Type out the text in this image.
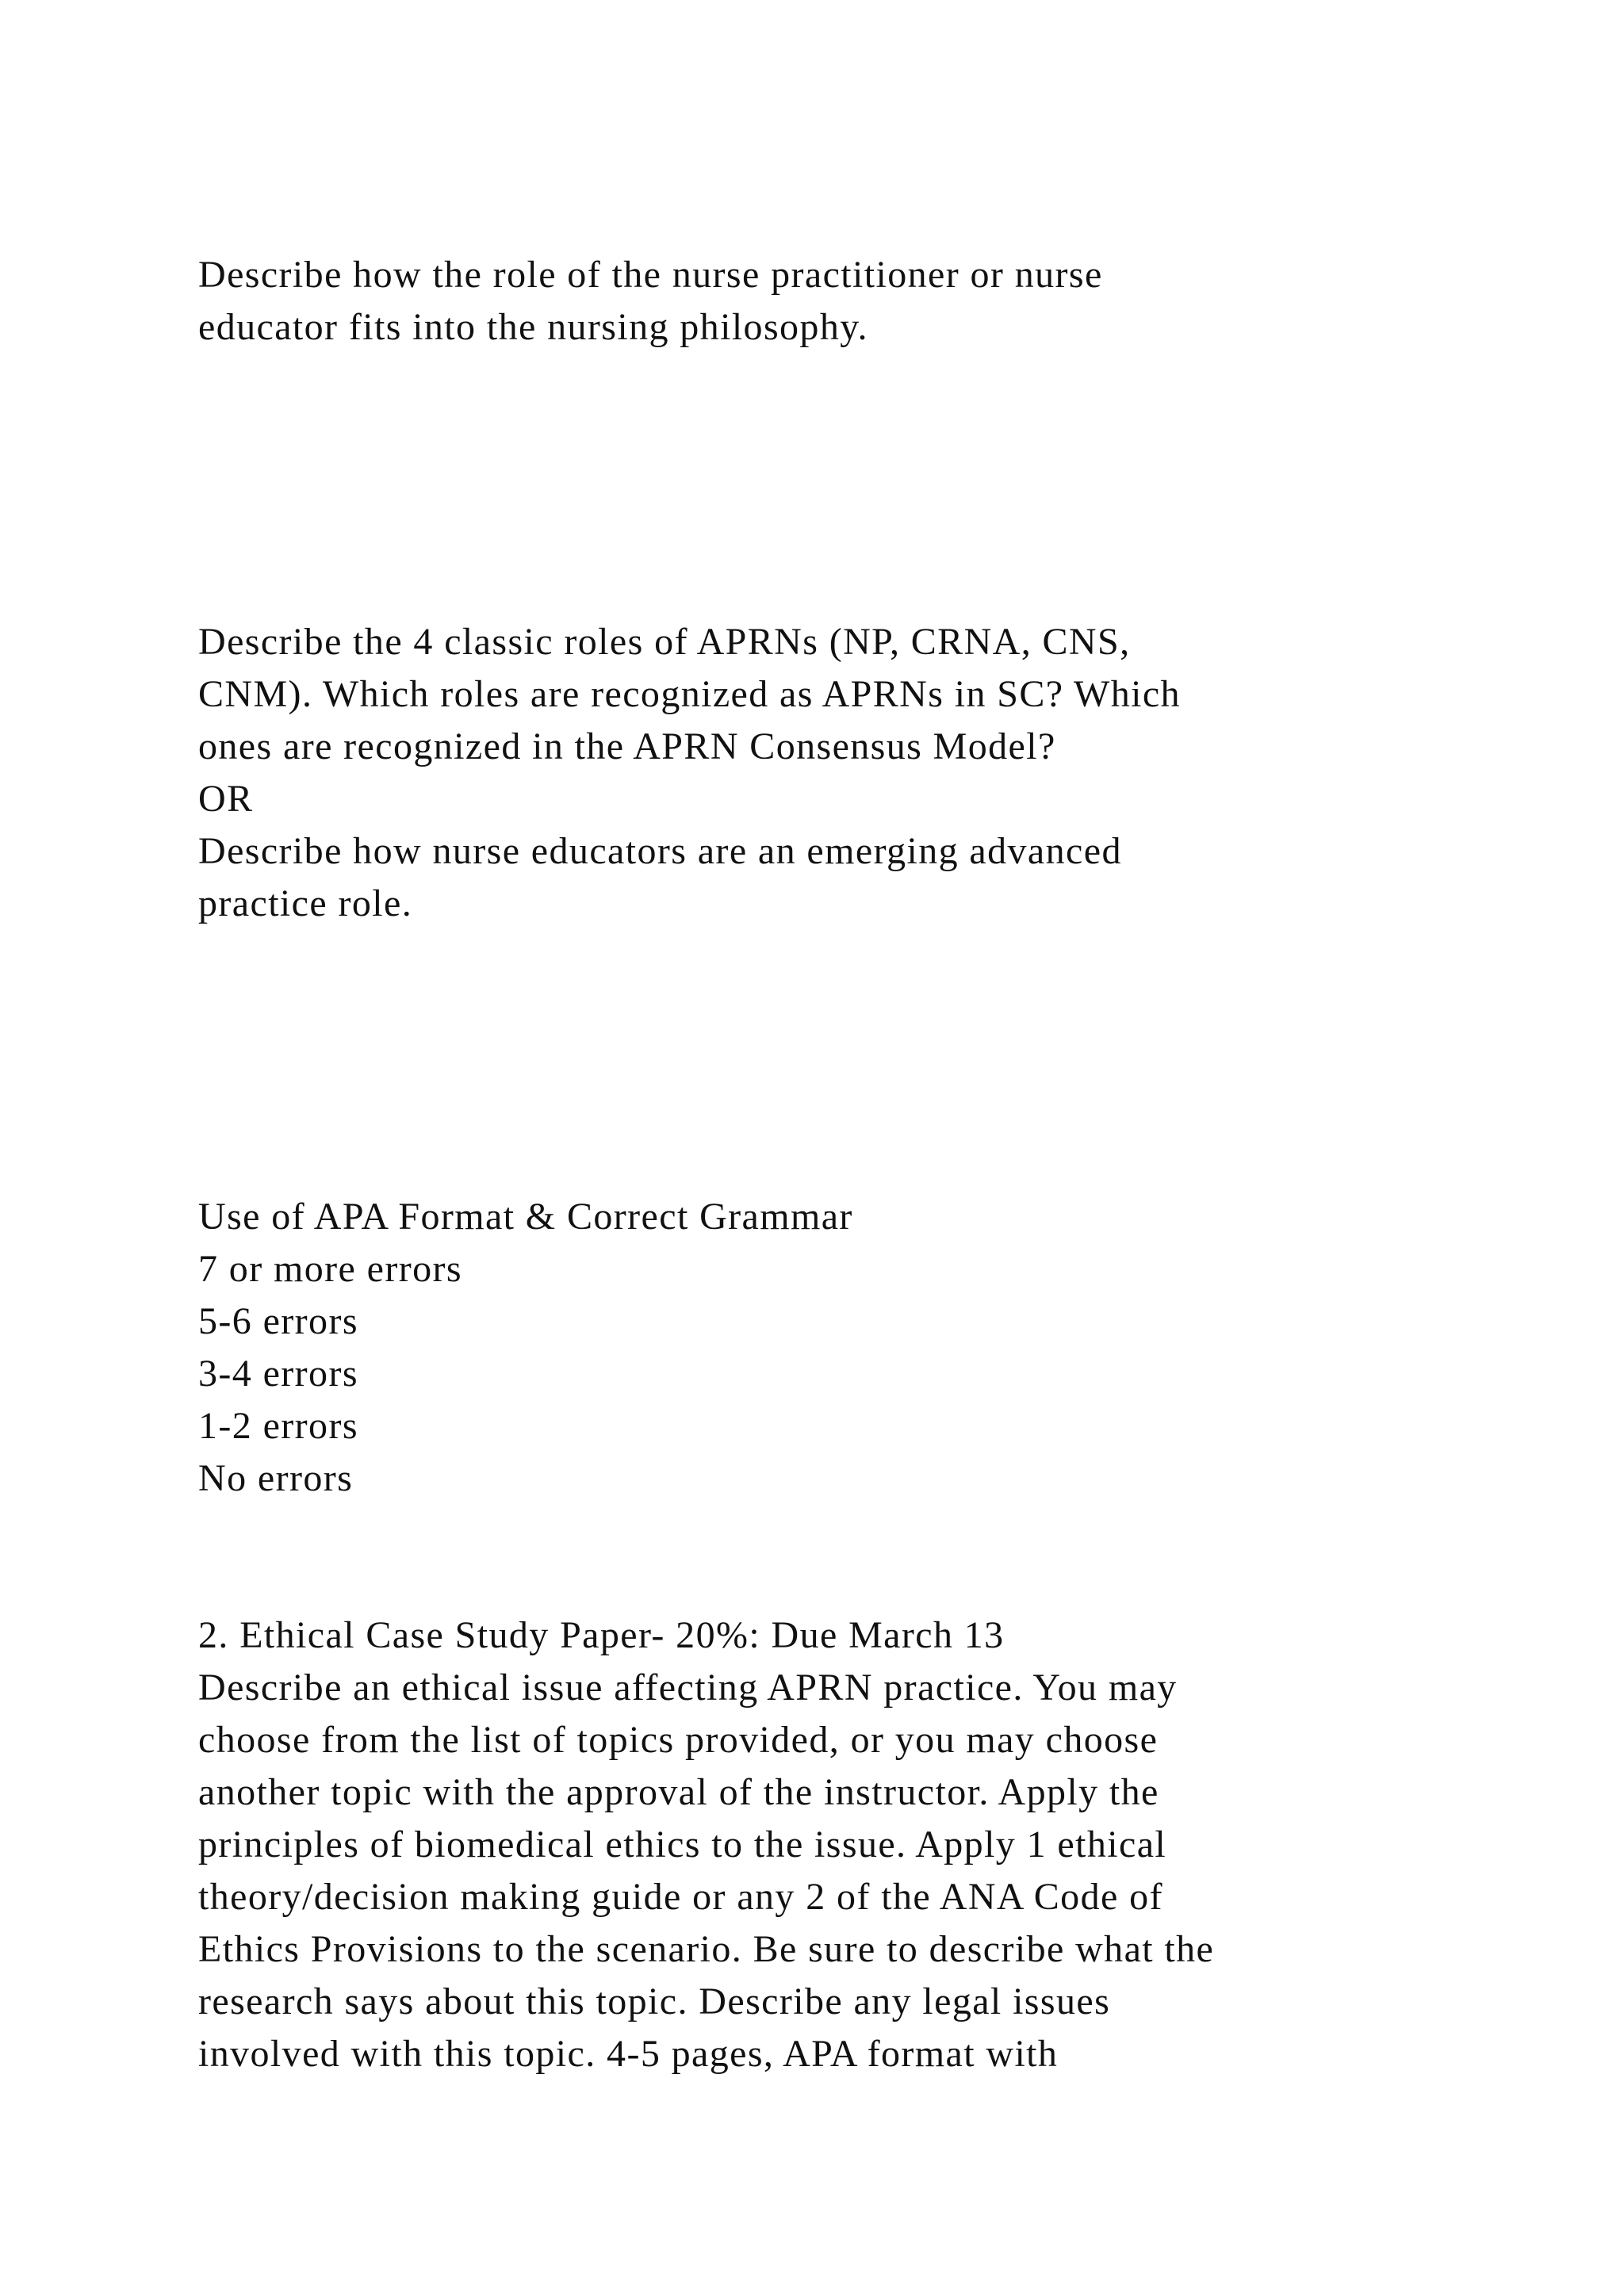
Describe how the role of the nurse practitioner or nurse

educator fits into the nursing philosophy.

Describe the 4 classic roles of APRNs (NP, CRNA, CNS,

CNM). Which roles are recognized as APRNs in SC? Which

ones are recognized in the APRN Consensus Model?

OR

Describe how nurse educators are an emerging advanced

practice role.

Use of APA Format & Correct Grammar

7 or more errors

5-6 errors

3-4 errors

1-2 errors

No errors

2. Ethical Case Study Paper- 20%: Due March 13

Describe an ethical issue affecting APRN practice. You may

choose from the list of topics provided, or you may choose

another topic with the approval of the instructor. Apply the

principles of biomedical ethics to the issue. Apply 1 ethical

theory/decision making guide or any 2 of the ANA Code of

Ethics Provisions to the scenario. Be sure to describe what the

research says about this topic. Describe any legal issues

involved with this topic. 4-5 pages, APA format with
